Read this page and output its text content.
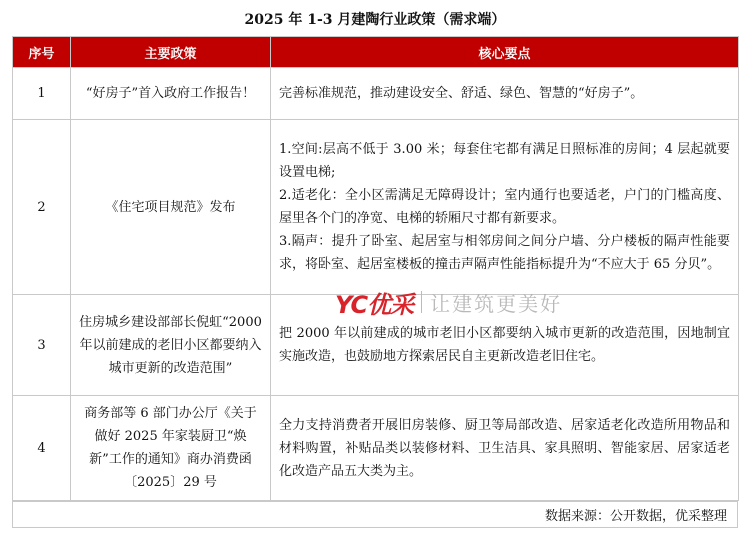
2025 年 1-3 月建陶行业政策（需求端）
序号	主要政策	核心要点
1	“好房子”首入政府工作报告！	完善标准规范，推动建设安全、舒适、绿色、智慧的“好房子”。

2	《住宅项目规范》发布	1.空间:层高不低于 3.00 米；每套住宅都有满足日照标准的房间；4 层起就要设置电梯;
2.适老化：全小区需满足无障碍设计；室内通行也要适老，户门的门槛高度、屋里各个门的净宽、电梯的轿厢尺寸都有新要求。
3.隔声：提升了卧室、起居室与相邻房间之间分户墙、分户楼板的隔声性能要求，将卧室、起居室楼板的撞击声隔声性能指标提升为“不应大于 65 分贝”。

3	住房城乡建设部部长倪虹“2000 年以前建成的老旧小区都要纳入城市更新的改造范围”	把 2000 年以前建成的城市老旧小区都要纳入城市更新的改造范围，因地制宜实施改造，也鼓励地方探索居民自主更新改造老旧住宅。

4	商务部等 6 部门办公厅《关于做好 2025 年家装厨卫“焕新”工作的通知》商办消费函〔2025〕29 号	全力支持消费者开展旧房装修、厨卫等局部改造、居家适老化改造所用物品和材料购置，补贴品类以装修材料、卫生洁具、家具照明、智能家居、居家适老化改造产品五大类为主。
数据来源：公开数据，优采整理
YC优采 让建筑更美好
